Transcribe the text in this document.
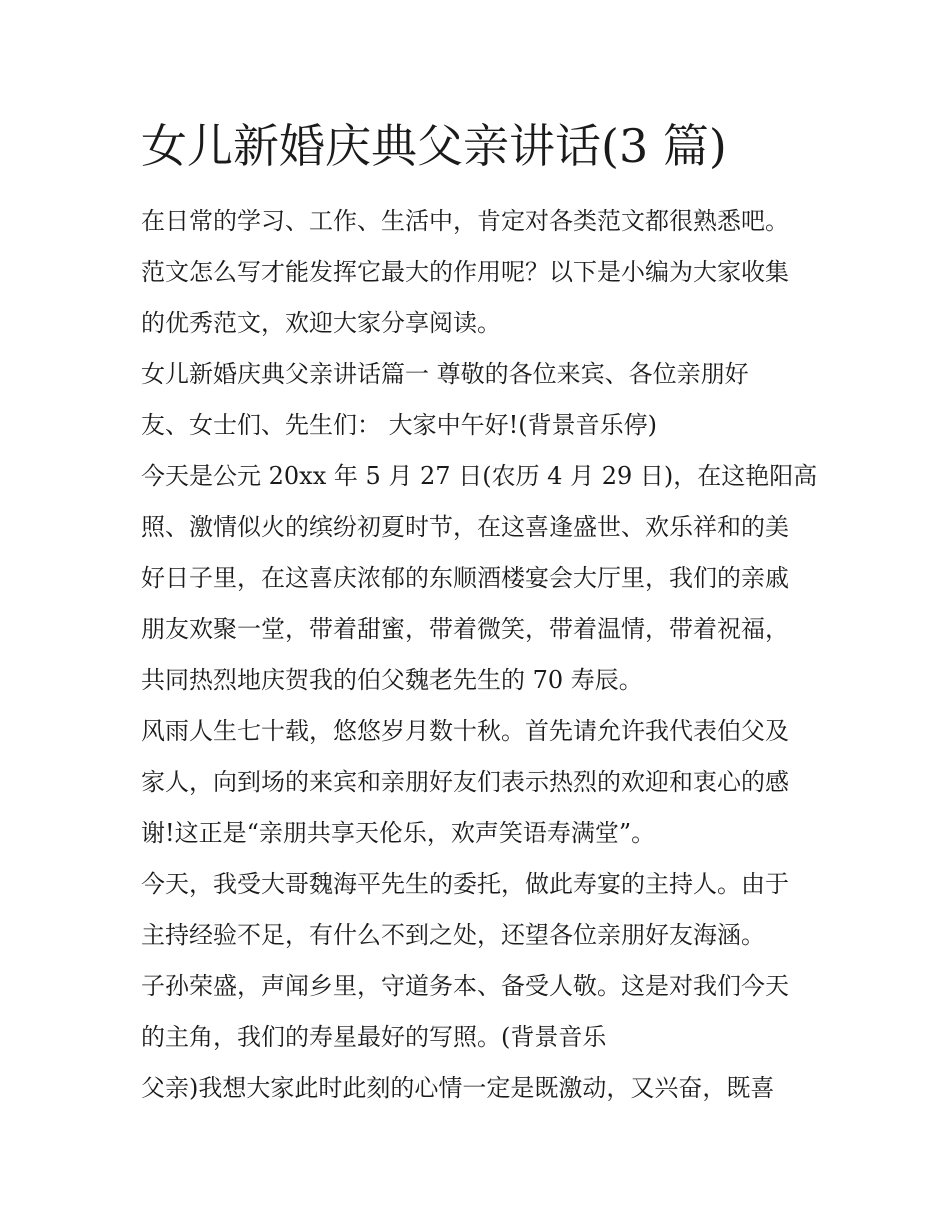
女儿新婚庆典父亲讲话(3 篇)
在日常的学习、工作、生活中，肯定对各类范文都很熟悉吧。
范文怎么写才能发挥它最大的作用呢？以下是小编为大家收集
的优秀范文，欢迎大家分享阅读。
女儿新婚庆典父亲讲话篇一 尊敬的各位来宾、各位亲朋好
友、女士们、先生们： 大家中午好!(背景音乐停)
今天是公元 20xx 年 5 月 27 日(农历 4 月 29 日)，在这艳阳高
照、激情似火的缤纷初夏时节，在这喜逢盛世、欢乐祥和的美
好日子里，在这喜庆浓郁的东顺酒楼宴会大厅里，我们的亲戚
朋友欢聚一堂，带着甜蜜，带着微笑，带着温情，带着祝福，
共同热烈地庆贺我的伯父魏老先生的 70 寿辰。
风雨人生七十载，悠悠岁月数十秋。首先请允许我代表伯父及
家人，向到场的来宾和亲朋好友们表示热烈的欢迎和衷心的感
谢!这正是“亲朋共享天伦乐，欢声笑语寿满堂”。
今天，我受大哥魏海平先生的委托，做此寿宴的主持人。由于
主持经验不足，有什么不到之处，还望各位亲朋好友海涵。
子孙荣盛，声闻乡里，守道务本、备受人敬。这是对我们今天
的主角，我们的寿星最好的写照。(背景音乐
父亲)我想大家此时此刻的心情一定是既激动，又兴奋，既喜
